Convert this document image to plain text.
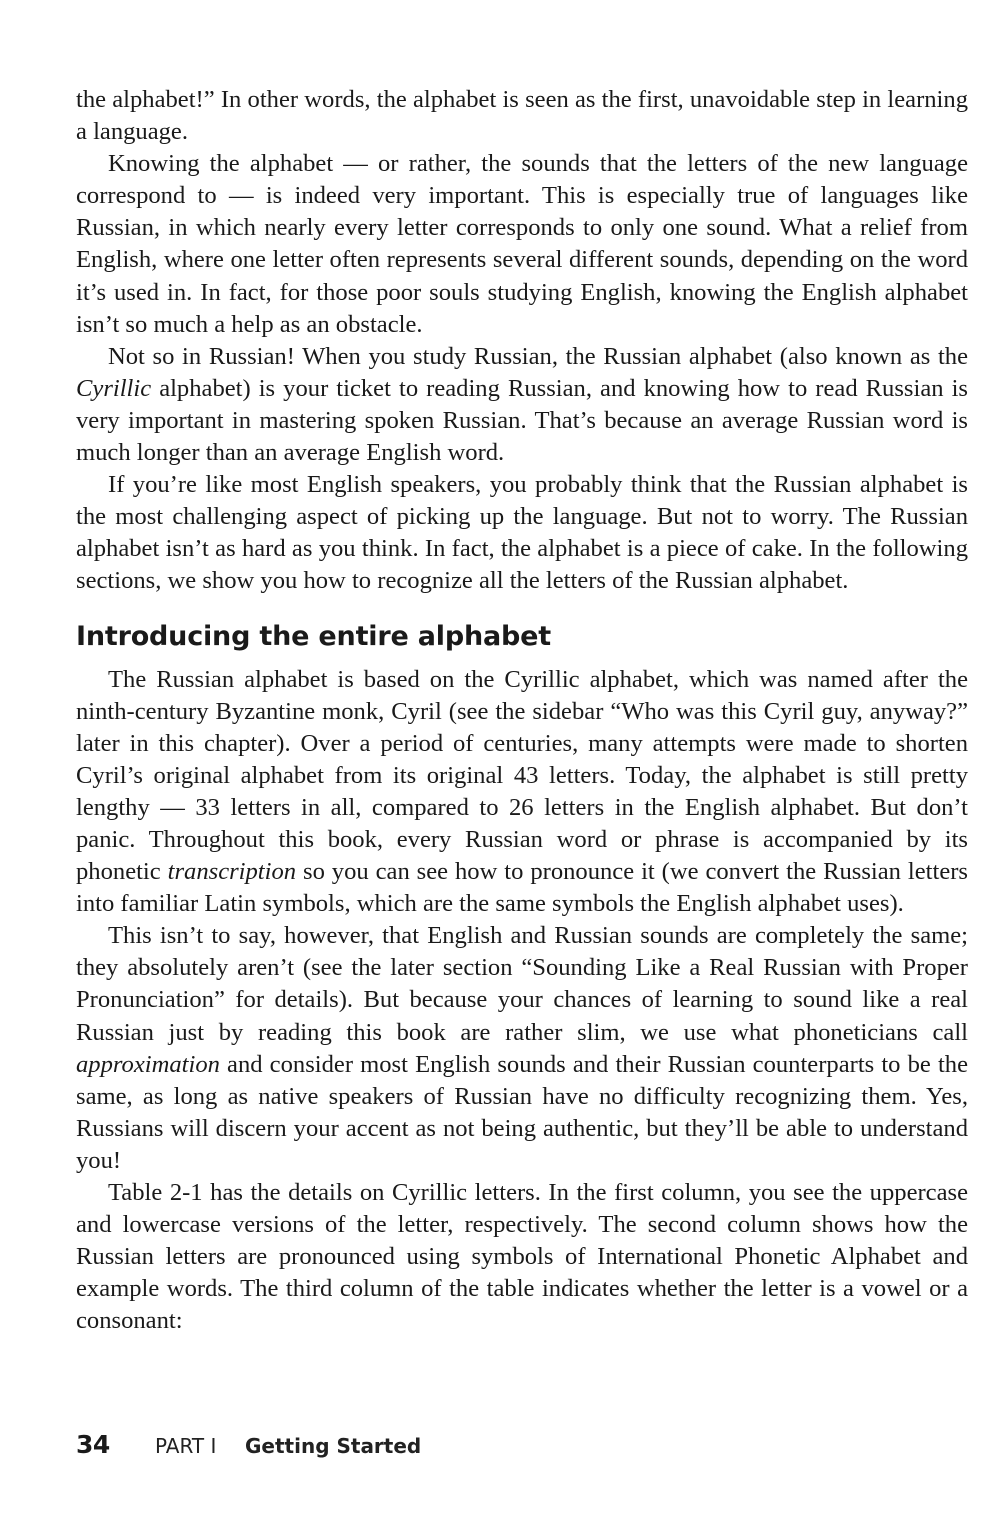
the alphabet!” In other words, the alphabet is seen as the first, unavoidable step in learning a language.

Knowing the alphabet — or rather, the sounds that the letters of the new language correspond to — is indeed very important. This is especially true of languages like Russian, in which nearly every letter corresponds to only one sound. What a relief from English, where one letter often represents several different sounds, depending on the word it’s used in. In fact, for those poor souls studying English, knowing the English alphabet isn’t so much a help as an obstacle.

Not so in Russian! When you study Russian, the Russian alphabet (also known as the Cyrillic alphabet) is your ticket to reading Russian, and knowing how to read Russian is very important in mastering spoken Russian. That’s because an average Russian word is much longer than an average English word.

If you’re like most English speakers, you probably think that the Russian alphabet is the most challenging aspect of picking up the language. But not to worry. The Russian alphabet isn’t as hard as you think. In fact, the alphabet is a piece of cake. In the following sections, we show you how to recognize all the letters of the Russian alphabet.

Introducing the entire alphabet

The Russian alphabet is based on the Cyrillic alphabet, which was named after the ninth-century Byzantine monk, Cyril (see the sidebar “Who was this Cyril guy, anyway?” later in this chapter). Over a period of centuries, many attempts were made to shorten Cyril’s original alphabet from its original 43 letters. Today, the alphabet is still pretty lengthy — 33 letters in all, compared to 26 letters in the English alphabet. But don’t panic. Throughout this book, every Russian word or phrase is accompanied by its phonetic transcription so you can see how to pronounce it (we convert the Russian letters into familiar Latin symbols, which are the same symbols the English alphabet uses).

This isn’t to say, however, that English and Russian sounds are completely the same; they absolutely aren’t (see the later section “Sounding Like a Real Russian with Proper Pronunciation” for details). But because your chances of learning to sound like a real Russian just by reading this book are rather slim, we use what phoneticians call approximation and consider most English sounds and their Russian counterparts to be the same, as long as native speakers of Russian have no difficulty recognizing them. Yes, Russians will discern your accent as not being authentic, but they’ll be able to understand you!

Table 2-1 has the details on Cyrillic letters. In the first column, you see the uppercase and lowercase versions of the letter, respectively. The second column shows how the Russian letters are pronounced using symbols of International Phonetic Alphabet and example words. The third column of the table indicates whether the letter is a vowel or a consonant:

34 PART I Getting Started
